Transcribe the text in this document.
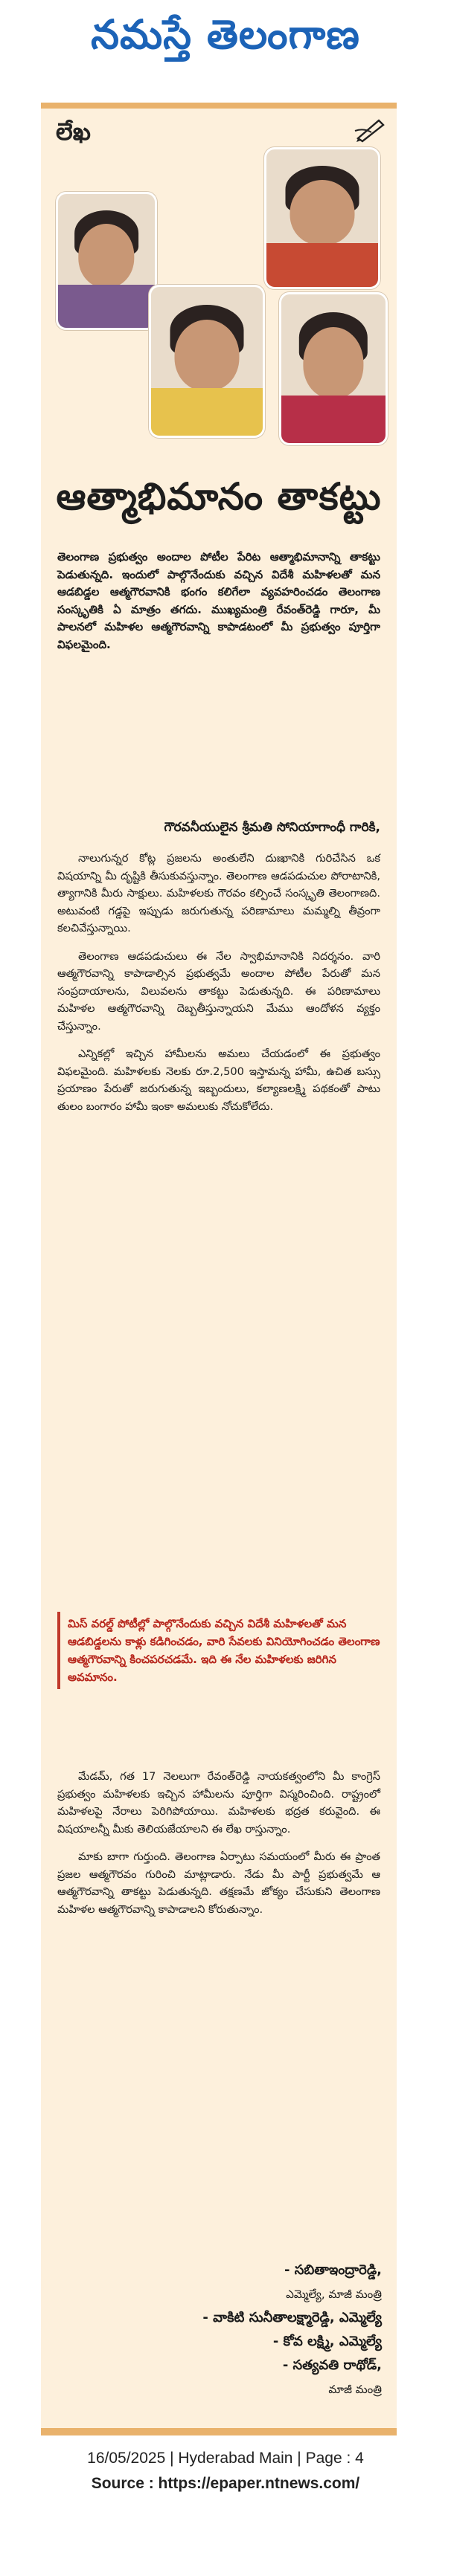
నమస్తే తెలంగాణ
లేఖ
ఆత్మాభిమానం తాకట్టు
తెలంగాణ ప్రభుత్వం అందాల పోటీల పేరిట ఆత్మాభిమానాన్ని తాకట్టు పెడుతున్నది. ఇందులో పాల్గొనేందుకు వచ్చిన విదేశీ మహిళలతో మన ఆడబిడ్డల ఆత్మగౌరవానికి భంగం కలిగేలా వ్యవహరించడం తెలంగాణ సంస్కృతికి ఏ మాత్రం తగదు. ముఖ్యమంత్రి రేవంత్‌రెడ్డి గారూ, మీ పాలనలో మహిళల ఆత్మగౌరవాన్ని కాపాడటంలో మీ ప్రభుత్వం పూర్తిగా విఫలమైంది.
గౌరవనీయులైన శ్రీమతి సోనియాగాంధీ గారికి,

నాలుగున్నర కోట్ల ప్రజలను అంతులేని దుఃఖానికి గురిచేసిన ఒక విషయాన్ని మీ దృష్టికి తీసుకువస్తున్నాం. తెలంగాణ ఆడపడుచుల పోరాటానికి, త్యాగానికి మీరు సాక్షులు. మహిళలకు గౌరవం కల్పించే సంస్కృతి తెలంగాణది. అటువంటి గడ్డపై ఇప్పుడు జరుగుతున్న పరిణామాలు మమ్మల్ని తీవ్రంగా కలచివేస్తున్నాయి.

తెలంగాణ ఆడపడుచులు ఈ నేల స్వాభిమానానికి నిదర్శనం. వారి ఆత్మగౌరవాన్ని కాపాడాల్సిన ప్రభుత్వమే అందాల పోటీల పేరుతో మన సంప్రదాయాలను, విలువలను తాకట్టు పెడుతున్నది. ఈ పరిణామాలు మహిళల ఆత్మగౌరవాన్ని దెబ్బతీస్తున్నాయని మేము ఆందోళన వ్యక్తం చేస్తున్నాం.

ఎన్నికల్లో ఇచ్చిన హామీలను అమలు చేయడంలో ఈ ప్రభుత్వం విఫలమైంది. మహిళలకు నెలకు రూ.2,500 ఇస్తామన్న హామీ, ఉచిత బస్సు ప్రయాణం పేరుతో జరుగుతున్న ఇబ్బందులు, కల్యాణలక్ష్మి పథకంతో పాటు తులం బంగారం హామీ ఇంకా అమలుకు నోచుకోలేదు.

మిస్ వరల్డ్ పోటీల్లో పాల్గొనేందుకు వచ్చిన విదేశీ మహిళలతో మన ఆడబిడ్డలను కాళ్లు కడిగించడం, వారి సేవలకు వినియోగించడం తెలంగాణ ఆత్మగౌరవాన్ని కించపరచడమే. ఇది ఈ నేల మహిళలకు జరిగిన అవమానం.

మేడమ్, గత 17 నెలలుగా రేవంత్‌రెడ్డి నాయకత్వంలోని మీ కాంగ్రెస్ ప్రభుత్వం మహిళలకు ఇచ్చిన హామీలను పూర్తిగా విస్మరించింది. రాష్ట్రంలో మహిళలపై నేరాలు పెరిగిపోయాయి. మహిళలకు భద్రత కరువైంది. ఈ విషయాలన్నీ మీకు తెలియజేయాలని ఈ లేఖ రాస్తున్నాం.

మాకు బాగా గుర్తుంది. తెలంగాణ ఏర్పాటు సమయంలో మీరు ఈ ప్రాంత ప్రజల ఆత్మగౌరవం గురించి మాట్లాడారు. నేడు మీ పార్టీ ప్రభుత్వమే ఆ ఆత్మగౌరవాన్ని తాకట్టు పెడుతున్నది. తక్షణమే జోక్యం చేసుకుని తెలంగాణ మహిళల ఆత్మగౌరవాన్ని కాపాడాలని కోరుతున్నాం.

- సబితాఇంద్రారెడ్డి,
ఎమ్మెల్యే, మాజీ మంత్రి
- వాకిటి సునీతాలక్ష్మారెడ్డి, ఎమ్మెల్యే
- కోవ లక్ష్మి, ఎమ్మెల్యే
- సత్యవతి రాథోడ్,
మాజీ మంత్రి
16/05/2025 | Hyderabad Main | Page : 4
Source : https://epaper.ntnews.com/
